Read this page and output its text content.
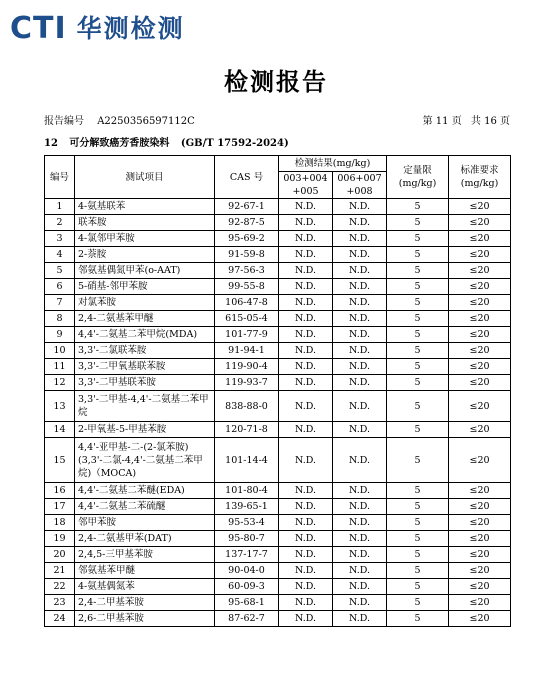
CTI 华测检测
检测报告
报告编号 A2250356597112C	第 11 页 共 16 页
12 可分解致癌芳香胺染料 (GB/T 17592-2024)
编号	测试项目	CAS 号	检测结果(mg/kg)		定量限 (mg/kg)	标准要求 (mg/kg)
			003+004 +005	006+007 +008		
1	4-氨基联苯	92-67-1	N.D.	N.D.	5	≤20
2	联苯胺	92-87-5	N.D.	N.D.	5	≤20
3	4-氯邻甲苯胺	95-69-2	N.D.	N.D.	5	≤20
4	2-萘胺	91-59-8	N.D.	N.D.	5	≤20
5	邻氨基偶氮甲苯(o-AAT)	97-56-3	N.D.	N.D.	5	≤20
6	5-硝基-邻甲苯胺	99-55-8	N.D.	N.D.	5	≤20
7	对氯苯胺	106-47-8	N.D.	N.D.	5	≤20
8	2,4-二氨基苯甲醚	615-05-4	N.D.	N.D.	5	≤20
9	4,4'-二氨基二苯甲烷(MDA)	101-77-9	N.D.	N.D.	5	≤20
10	3,3'-二氯联苯胺	91-94-1	N.D.	N.D.	5	≤20
11	3,3'-二甲氧基联苯胺	119-90-4	N.D.	N.D.	5	≤20
12	3,3'-二甲基联苯胺	119-93-7	N.D.	N.D.	5	≤20
13	3,3'-二甲基-4,4'-二氨基二苯甲烷	838-88-0	N.D.	N.D.	5	≤20
14	2-甲氧基-5-甲基苯胺	120-71-8	N.D.	N.D.	5	≤20
15	4,4'-亚甲基-二-(2-氯苯胺)(3,3'-二氯-4,4'-二氨基二苯甲烷)（MOCA)	101-14-4	N.D.	N.D.	5	≤20
16	4,4'-二氨基二苯醚(EDA)	101-80-4	N.D.	N.D.	5	≤20
17	4,4'-二氨基二苯硫醚	139-65-1	N.D.	N.D.	5	≤20
18	邻甲苯胺	95-53-4	N.D.	N.D.	5	≤20
19	2,4-二氨基甲苯(DAT)	95-80-7	N.D.	N.D.	5	≤20
20	2,4,5-三甲基苯胺	137-17-7	N.D.	N.D.	5	≤20
21	邻氨基苯甲醚	90-04-0	N.D.	N.D.	5	≤20
22	4-氨基偶氮苯	60-09-3	N.D.	N.D.	5	≤20
23	2,4-二甲基苯胺	95-68-1	N.D.	N.D.	5	≤20
24	2,6-二甲基苯胺	87-62-7	N.D.	N.D.	5	≤20
